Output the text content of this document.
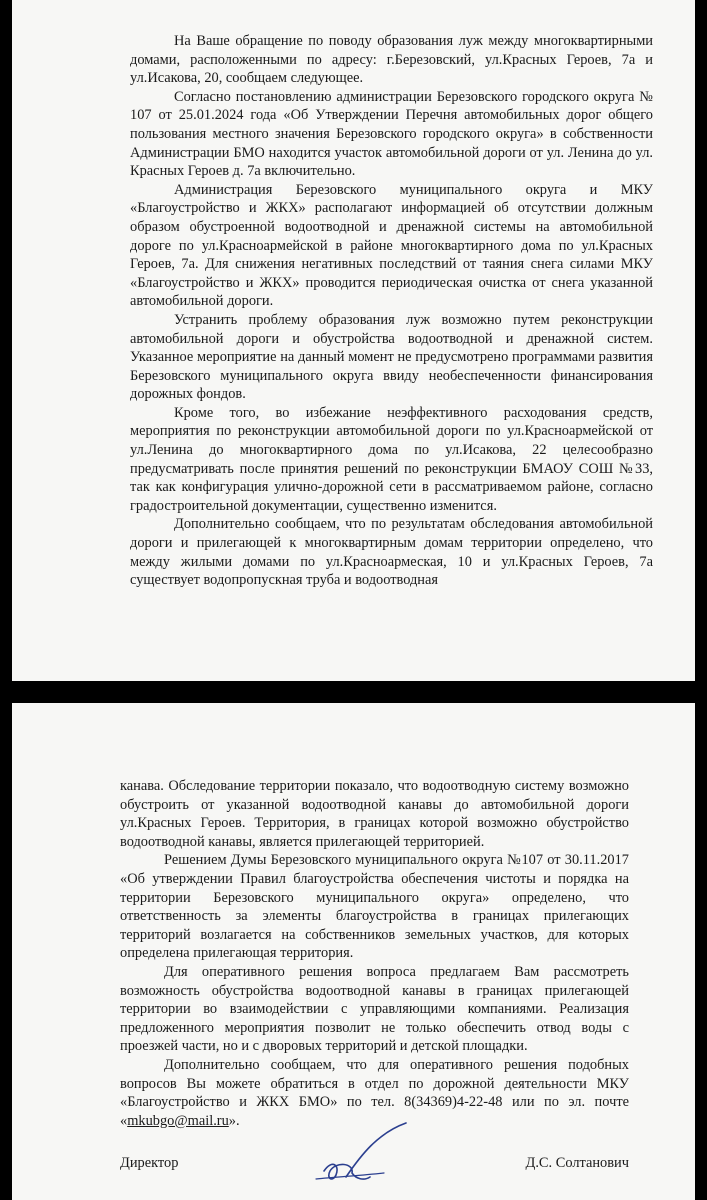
На Ваше обращение по поводу образования луж между многоквартирными домами, расположенными по адресу: г.Березовский, ул.Красных Героев, 7а и ул.Исакова, 20, сообщаем следующее.

Согласно постановлению администрации Березовского городского округа № 107 от 25.01.2024 года «Об Утверждении Перечня автомобильных дорог общего пользования местного значения Березовского городского округа» в собственности Администрации БМО находится участок автомобильной дороги от ул. Ленина до ул. Красных Героев д. 7а включительно.

Администрация Березовского муниципального округа и МКУ «Благоустройство и ЖКХ» располагают информацией об отсутствии должным образом обустроенной водоотводной и дренажной системы на автомобильной дороге по ул.Красноармейской в районе многоквартирного дома по ул.Красных Героев, 7а. Для снижения негативных последствий от таяния снега силами МКУ «Благоустройство и ЖКХ» проводится периодическая очистка от снега указанной автомобильной дороги.

Устранить проблему образования луж возможно путем реконструкции автомобильной дороги и обустройства водоотводной и дренажной систем. Указанное мероприятие на данный момент не предусмотрено программами развития Березовского муниципального округа ввиду необеспеченности финансирования дорожных фондов.

Кроме того, во избежание неэффективного расходования средств, мероприятия по реконструкции автомобильной дороги по ул.Красноармейской от ул.Ленина до многоквартирного дома по ул.Исакова, 22 целесообразно предусматривать после принятия решений по реконструкции БМАОУ СОШ №33, так как конфигурация улично-дорожной сети в рассматриваемом районе, согласно градостроительной документации, существенно изменится.

Дополнительно сообщаем, что по результатам обследования автомобильной дороги и прилегающей к многоквартирным домам территории определено, что между жилыми домами по ул.Красноармеская, 10 и ул.Красных Героев, 7а существует водопропускная труба и водоотводная

канава. Обследование территории показало, что водоотводную систему возможно обустроить от указанной водоотводной канавы до автомобильной дороги ул.Красных Героев. Территория, в границах которой возможно обустройство водоотводной канавы, является прилегающей территорией.

Решением Думы Березовского муниципального округа №107 от 30.11.2017 «Об утверждении Правил благоустройства обеспечения чистоты и порядка на территории Березовского муниципального округа» определено, что ответственность за элементы благоустройства в границах прилегающих территорий возлагается на собственников земельных участков, для которых определена прилегающая территория.

Для оперативного решения вопроса предлагаем Вам рассмотреть возможность обустройства водоотводной канавы в границах прилегающей территории во взаимодействии с управляющими компаниями. Реализация предложенного мероприятия позволит не только обеспечить отвод воды с проезжей части, но и с дворовых территорий и детской площадки.

Дополнительно сообщаем, что для оперативного решения подобных вопросов Вы можете обратиться в отдел по дорожной деятельности МКУ «Благоустройство и ЖКХ БМО» по тел. 8(34369)4-22-48 или по эл. почте «mkubgo@mail.ru».

Директор	Д.С. Солтанович
